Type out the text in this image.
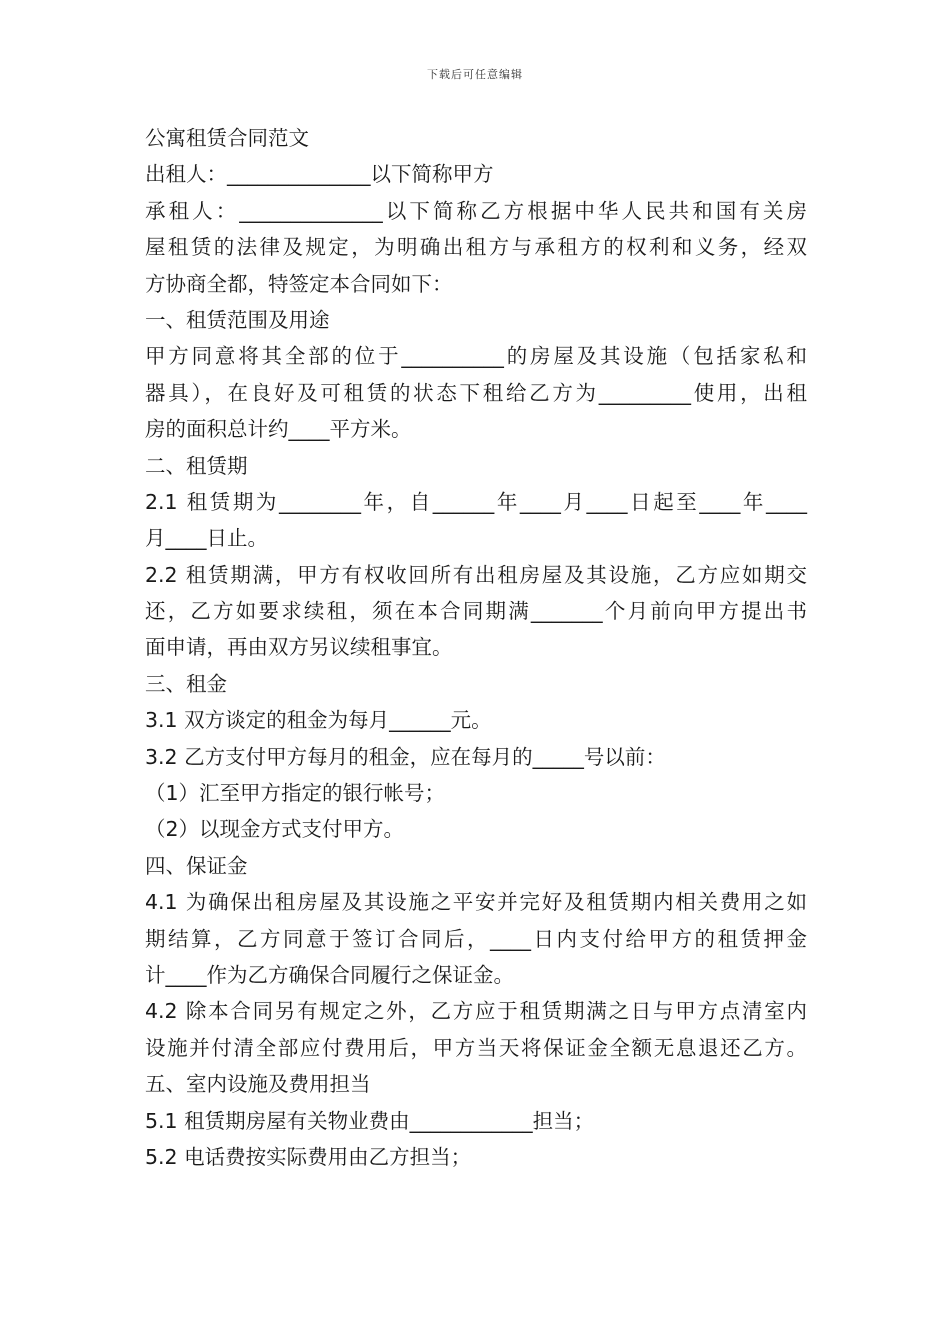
下载后可任意编辑
公寓租赁合同范文
出租人：______________以下简称甲方
承租人：______________以下简称乙方根据中华人民共和国有关房
屋租赁的法律及规定，为明确出租方与承租方的权利和义务，经双
方协商全都，特签定本合同如下：
一、租赁范围及用途
甲方同意将其全部的位于__________的房屋及其设施（包括家私和
器具），在良好及可租赁的状态下租给乙方为_________使用，出租
房的面积总计约____平方米。
二、租赁期
2.1 租赁期为________年，自______年____月____日起至____年____
月____日止。
2.2 租赁期满，甲方有权收回所有出租房屋及其设施，乙方应如期交
还，乙方如要求续租，须在本合同期满_______个月前向甲方提出书
面申请，再由双方另议续租事宜。
三、租金
3.1 双方谈定的租金为每月______元。
3.2 乙方支付甲方每月的租金，应在每月的_____号以前：
（1）汇至甲方指定的银行帐号；
（2）以现金方式支付甲方。
四、保证金
4.1 为确保出租房屋及其设施之平安并完好及租赁期内相关费用之如
期结算，乙方同意于签订合同后，____日内支付给甲方的租赁押金
计____作为乙方确保合同履行之保证金。
4.2 除本合同另有规定之外，乙方应于租赁期满之日与甲方点清室内
设施并付清全部应付费用后，甲方当天将保证金全额无息退还乙方。
五、室内设施及费用担当
5.1 租赁期房屋有关物业费由____________担当；
5.2 电话费按实际费用由乙方担当；
